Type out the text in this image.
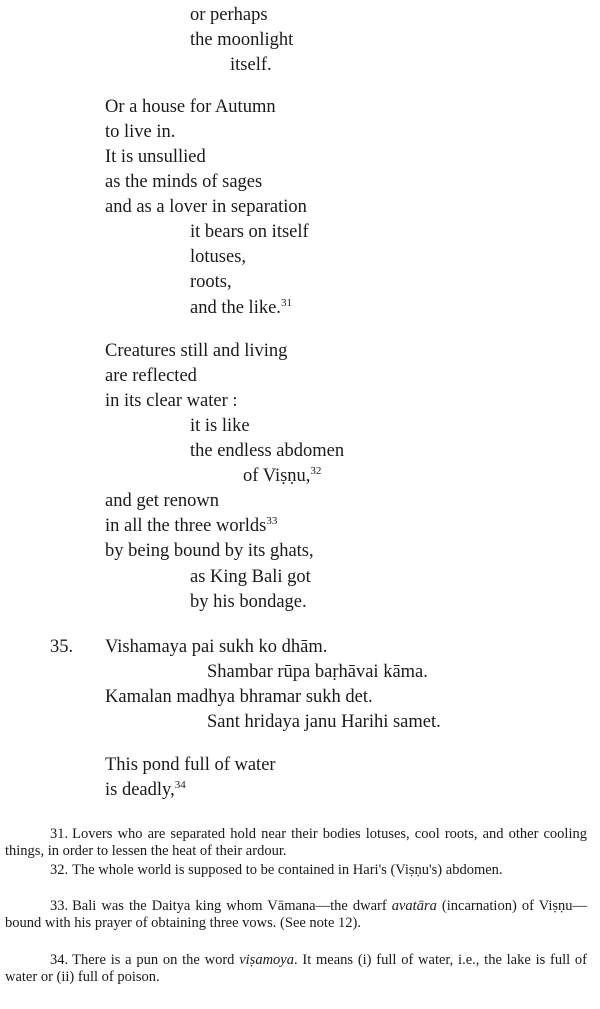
or perhaps
the moonlight
itself.
Or a house for Autumn
to live in.
It is unsullied
as the minds of sages
and as a lover in separation
it bears on itself
lotuses,
roots,
and the like.$^{31}$
Creatures still and living
are reflected
in its clear water :
it is like
the endless abdomen
of Viṣṇu,$^{32}$
and get renown
in all the three worlds$^{33}$
by being bound by its ghats,
as King Bali got
by his bondage.
35. Vishamaya pai sukh ko dhām.
Shambar rūpa baṛhāvai kāma.
Kamalan madhya bhramar sukh det.
Sant hridaya janu Harihi samet.
This pond full of water
is deadly,$^{34}$
31. Lovers who are separated hold near their bodies lotuses, cool roots, and other cooling things, in order to lessen the heat of their ardour.
32. The whole world is supposed to be contained in Hari's (Viṣṇu's) abdomen.
33. Bali was the Daitya king whom Vāmana—the dwarf avatāra (incarnation) of Viṣṇu—bound with his prayer of obtaining three vows. (See note 12).
34. There is a pun on the word viṣamoya. It means (i) full of water, i.e., the lake is full of water or (ii) full of poison.
